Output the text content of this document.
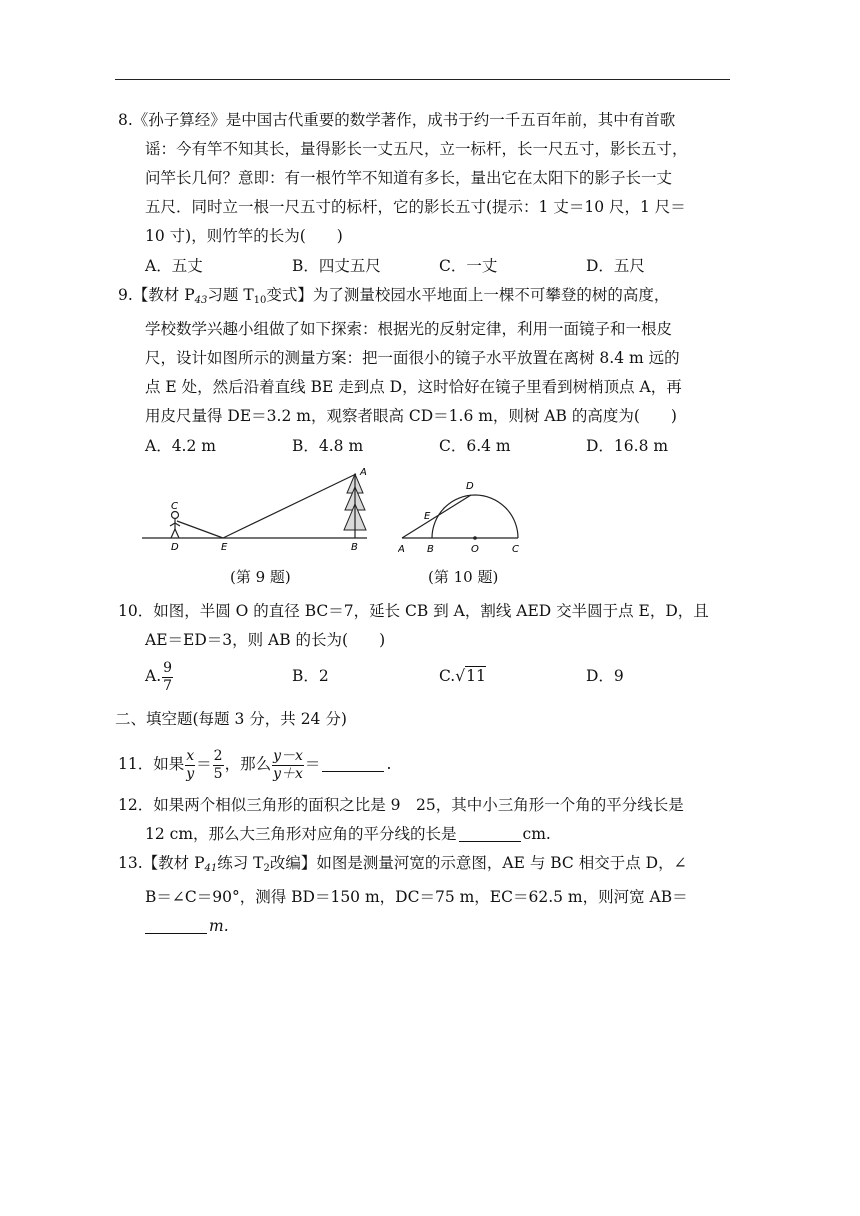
8.《孙子算经》是中国古代重要的数学著作，成书于约一千五百年前，其中有首歌

谣：今有竿不知其长，量得影长一丈五尺，立一标杆，长一尺五寸，影长五寸，

问竿长几何？意即：有一根竹竿不知道有多长，量出它在太阳下的影子长一丈

五尺．同时立一根一尺五寸的标杆，它的影长五寸(提示：1 丈＝10 尺，1 尺＝

10 寸)，则竹竿的长为(　　)

A．五丈	B．四丈五尺	C．一丈	D．五尺

9.【教材 $P_{43}$习题 $T_{10}$变式】为了测量校园水平地面上一棵不可攀登的树的高度，

学校数学兴趣小组做了如下探索：根据光的反射定律，利用一面镜子和一根皮

尺，设计如图所示的测量方案：把一面很小的镜子水平放置在离树 8.4 m 远的

点 E 处，然后沿着直线 BE 走到点 D，这时恰好在镜子里看到树梢顶点 A，再

用皮尺量得 DE＝3.2 m，观察者眼高 CD＝1.6 m，则树 AB 的高度为(　　)

A．4.2 m	B．4.8 m	C．6.4 m	D．16.8 m
C
D	E
A
B
D
E
A B	O	C
(第 9 题)	(第 10 题)

10．如图，半圆 O 的直径 BC＝7，延长 CB 到 A，割线 AED 交半圆于点 E，D，且

AE＝ED＝3，则 AB 的长为(　　)

A. $\frac{9}{7}$	B．2	C.√11	D．9

二、填空题(每题 3 分，共 24 分)

11．如果 $\frac{x}{y} = \frac{2}{5}$ ，那么 $\frac{y-x}{y+x}$ ＝	.

12．如果两个相似三角形的面积之比是 9　25，其中小三角形一个角的平分线长是

12 cm，那么大三角形对应角的平分线的长是	cm.

13.【教材 $P_{41}$练习 $T_2$改编】如图是测量河宽的示意图，AE 与 BC 相交于点 D，∠

B＝∠C＝90°，测得 BD＝150 m，DC＝75 m，EC＝62.5 m，则河宽 AB＝

m.
